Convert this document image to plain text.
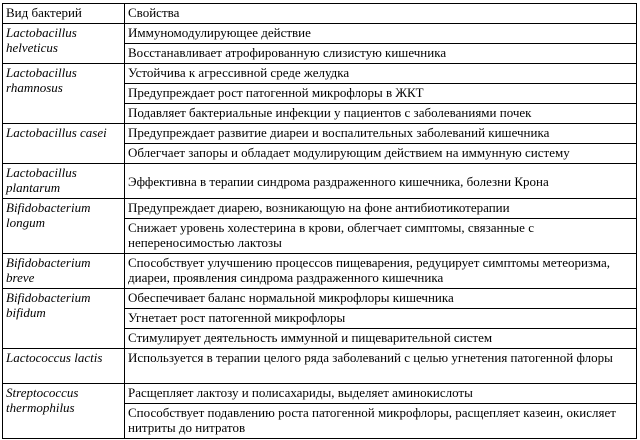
Вид бактерий	Свойства
Lactobacillus helveticus	Иммуномодулирующее действие
	Восстанавливает атрофированную слизистую кишечника
Lactobacillus rhamnosus	Устойчива к агрессивной среде желудка
	Предупреждает рост патогенной микрофлоры в ЖКТ
	Подавляет бактериальные инфекции у пациентов с заболеваниями почек
Lactobacillus casei	Предупреждает развитие диареи и воспалительных заболеваний кишечника
	Облегчает запоры и обладает модулирующим действием на иммунную систему
Lactobacillus plantarum	Эффективна в терапии синдрома раздраженного кишечника, болезни Крона
Bifidobacterium longum	Предупреждает диарею, возникающую на фоне антибиотикотерапии
	Снижает уровень холестерина в крови, облегчает симптомы, связанные с непереносимостью лактозы
Bifidobacterium breve	Способствует улучшению процессов пищеварения, редуцирует симптомы метеоризма, диареи, проявления синдрома раздраженного кишечника
Bifidobacterium bifidum	Обеспечивает баланс нормальной микрофлоры кишечника
	Угнетает рост патогенной микрофлоры
	Стимулирует деятельность иммунной и пищеварительной систем
Lactococcus lactis	Используется в терапии целого ряда заболеваний с целью угнетения патогенной флоры
Streptococcus thermophilus	Расщепляет лактозу и полисахариды, выделяет аминокислоты
	Способствует подавлению роста патогенной микрофлоры, расщепляет казеин, окисляет нитриты до нитратов
